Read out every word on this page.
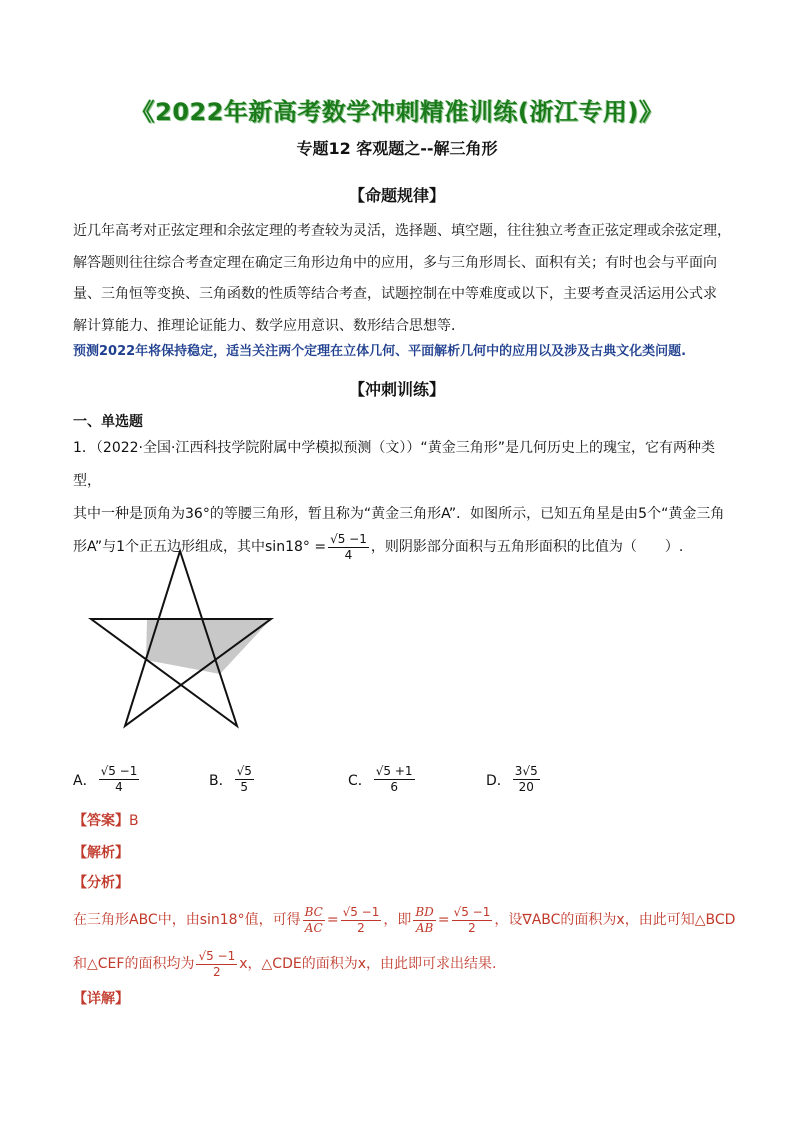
《2022年新高考数学冲刺精准训练(浙江专用)》
专题12 客观题之--解三角形
【命题规律】
近几年高考对正弦定理和余弦定理的考查较为灵活，选择题、填空题，往往独立考查正弦定理或余弦定理，
解答题则往往综合考查定理在确定三角形边角中的应用，多与三角形周长、面积有关；有时也会与平面向
量、三角恒等变换、三角函数的性质等结合考查，试题控制在中等难度或以下，主要考查灵活运用公式求
解计算能力、推理论证能力、数学应用意识、数形结合思想等．
预测2022年将保持稳定，适当关注两个定理在立体几何、平面解析几何中的应用以及涉及古典文化类问题.
【冲刺训练】
一、单选题
1．（2022·全国·江西科技学院附属中学模拟预测（文））“黄金三角形”是几何历史上的瑰宝，它有两种类型，
其中一种是顶角为36°的等腰三角形，暂且称为“黄金三角形A”．如图所示，已知五角星是由5个“黄金三角
形A”与1个正五边形组成，其中$\sin 18^\circ = \frac{√5 -1}{4}$ ，则阴影部分面积与五角形面积的比值为（　　）.
A． $\frac{√5 -1}{4}$	B． $\frac{√5}{5}$	C． $\frac{√5 +1}{6}$	D． $\frac{3√5}{20}$
【答案】B
【解析】
【分析】
在三角形ABC中，由sin18°值，可得 $\frac{BC}{AC} = \frac{√5 -1}{2}$ ，即 $\frac{BD}{AB} = \frac{√5 -1}{2}$ ，设∇ABC的面积为x，由此可知△BCD
和△CEF的面积均为 $\frac{√5 -1}{2}$ x，△CDE的面积为x，由此即可求出结果.
【详解】
